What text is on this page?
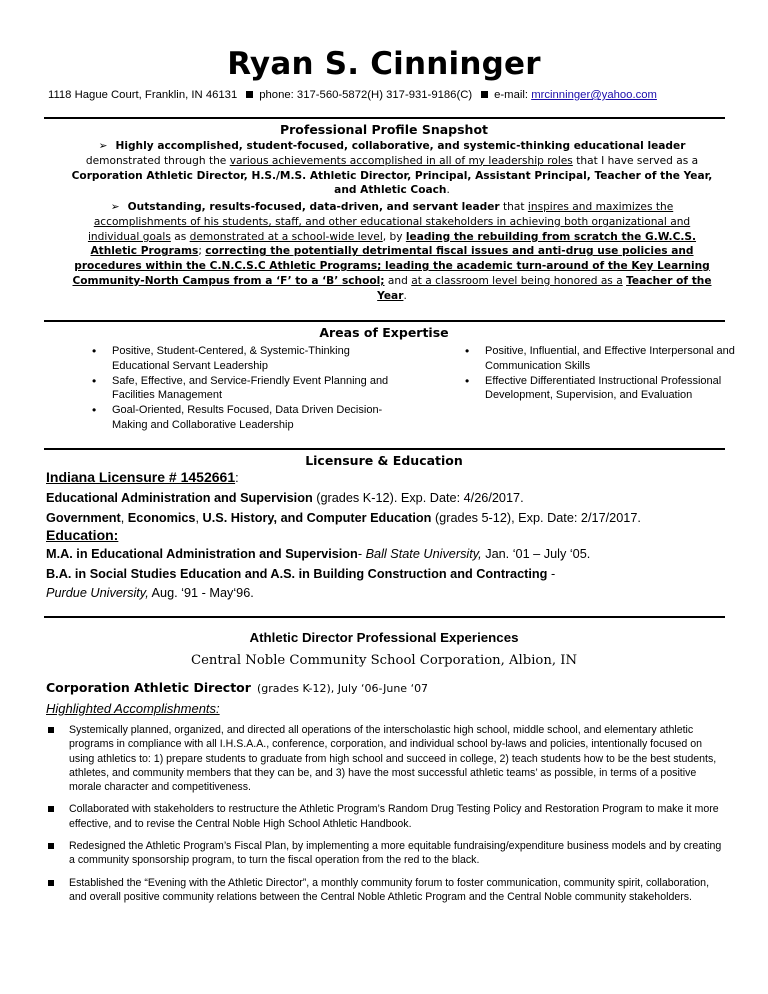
Ryan S. Cinninger
1118 Hague Court, Franklin, IN 46131 phone: 317-560-5872(H) 317-931-9186(C) e-mail: mrcinninger@yahoo.com
Professional Profile Snapshot
➢ Highly accomplished, student-focused, collaborative, and systemic-thinking educational leader demonstrated through the various achievements accomplished in all of my leadership roles that I have served as a Corporation Athletic Director, H.S./M.S. Athletic Director, Principal, Assistant Principal, Teacher of the Year, and Athletic Coach.
➢ Outstanding, results-focused, data-driven, and servant leader that inspires and maximizes the accomplishments of his students, staff, and other educational stakeholders in achieving both organizational and individual goals as demonstrated at a school-wide level, by leading the rebuilding from scratch the G.W.C.S. Athletic Programs; correcting the potentially detrimental fiscal issues and anti-drug use policies and procedures within the C.N.C.S.C Athletic Programs; leading the academic turn-around of the Key Learning Community-North Campus from a ‘F’ to a ‘B’ school; and at a classroom level being honored as a Teacher of the Year.
Areas of Expertise
• Positive, Student-Centered, & Systemic-Thinking Educational Servant Leadership
• Safe, Effective, and Service-Friendly Event Planning and Facilities Management
• Goal-Oriented, Results Focused, Data Driven Decision-Making and Collaborative Leadership
• Positive, Influential, and Effective Interpersonal and Communication Skills
• Effective Differentiated Instructional Professional Development, Supervision, and Evaluation
Licensure & Education
Indiana Licensure # 1452661:
Educational Administration and Supervision (grades K-12). Exp. Date: 4/26/2017.
Government, Economics, U.S. History, and Computer Education (grades 5-12), Exp. Date: 2/17/2017.
Education:
M.A. in Educational Administration and Supervision- Ball State University, Jan. ‘01 – July ‘05.
B.A. in Social Studies Education and A.S. in Building Construction and Contracting -
Purdue University, Aug. ‘91 - May‘96.
Athletic Director Professional Experiences
Central Noble Community School Corporation, Albion, IN
Corporation Athletic Director (grades K-12), July ‘06-June ‘07
Highlighted Accomplishments:
Systemically planned, organized, and directed all operations of the interscholastic high school, middle school, and elementary athletic programs in compliance with all I.H.S.A.A., conference, corporation, and individual school by-laws and policies, intentionally focused on using athletics to: 1) prepare students to graduate from high school and succeed in college, 2) teach students how to be the best students, athletes, and community members that they can be, and 3) have the most successful athletic teams’ as possible, in terms of a positive morale character and competitiveness.
Collaborated with stakeholders to restructure the Athletic Program’s Random Drug Testing Policy and Restoration Program to make it more effective, and to revise the Central Noble High School Athletic Handbook.
Redesigned the Athletic Program’s Fiscal Plan, by implementing a more equitable fundraising/expenditure business models and by creating a community sponsorship program, to turn the fiscal operation from the red to the black.
Established the “Evening with the Athletic Director”, a monthly community forum to foster communication, community spirit, collaboration, and overall positive community relations between the Central Noble Athletic Program and the Central Noble community stakeholders.
